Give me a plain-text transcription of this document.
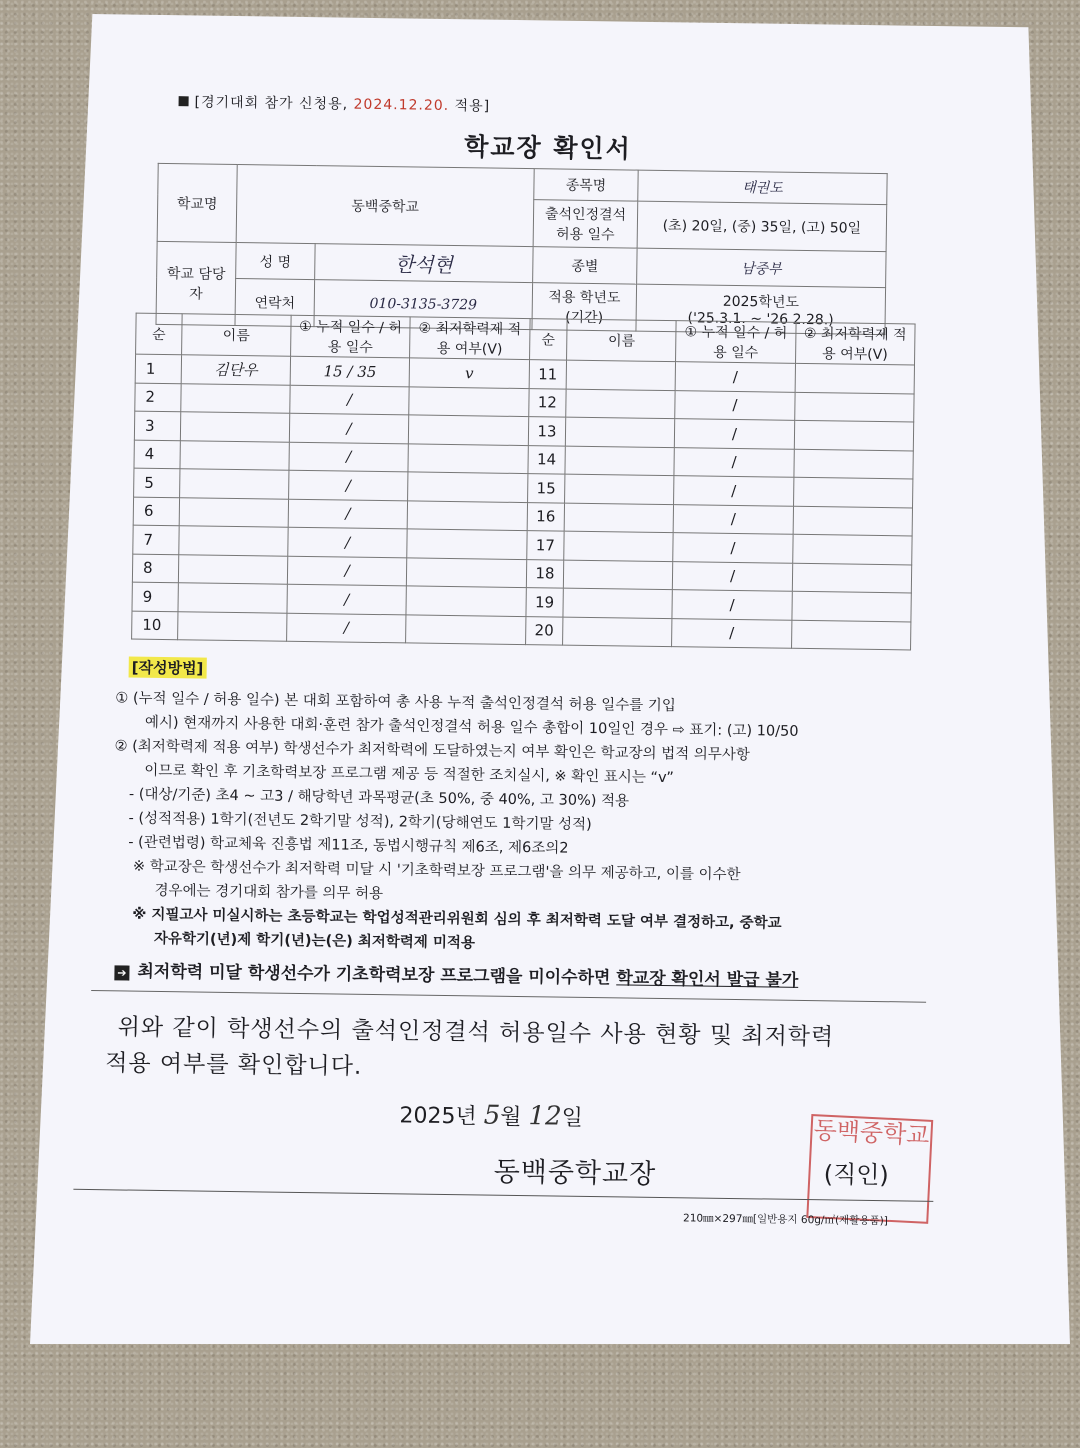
[경기대회 참가 신청용, 2024.12.20. 적용]
학교장 확인서
학교명	동백중학교		종목명	태권도
			출석인정결석 허용 일수	(초) 20일, (중) 35일, (고) 50일
학교 담당자	성 명	한석현	종별	남중부
	연락처	010-3135-3729	적용 학년도 (기간)	2025학년도
('25.3.1. ~ '26 2.28.)
순	이름	① 누적 일수 / 허용 일수	② 최저학력제 적용 여부(V)	순	이름	① 누적 일수 / 허용 일수	② 최저학력제 적용 여부(V)
1	김단우	15 / 35	v	11		/	
2		/		12		/	
3		/		13		/	
4		/		14		/	
5		/		15		/	
6		/		16		/	
7		/		17		/	
8		/		18		/	
9		/		19		/	
10		/		20		/	
[작성방법]

① (누적 일수 / 허용 일수) 본 대회 포함하여 총 사용 누적 출석인정결석 허용 일수를 기입

예시) 현재까지 사용한 대회·훈련 참가 출석인정결석 허용 일수 총합이 10일인 경우 ⇨ 표기: (고) 10/50

② (최저학력제 적용 여부) 학생선수가 최저학력에 도달하였는지 여부 확인은 학교장의 법적 의무사항

이므로 확인 후 기초학력보장 프로그램 제공 등 적절한 조치실시, ※ 확인 표시는 “v”

- (대상/기준) 초4 ~ 고3 / 해당학년 과목평균(초 50%, 중 40%, 고 30%) 적용

- (성적적용) 1학기(전년도 2학기말 성적), 2학기(당해연도 1학기말 성적)

- (관련법령) 학교체육 진흥법 제11조, 동법시행규칙 제6조, 제6조의2

※ 학교장은 학생선수가 최저학력 미달 시 '기초학력보장 프로그램'을 의무 제공하고, 이를 이수한

경우에는 경기대회 참가를 의무 허용

※ 지필고사 미실시하는 초등학교는 학업성적관리위원회 심의 후 최저학력 도달 여부 결정하고, 중학교

자유학기(년)제 학기(년)는(은) 최저학력제 미적용

➔ 최저학력 미달 학생선수가 기초학력보장 프로그램을 미이수하면 학교장 확인서 발급 불가
위와 같이 학생선수의 출석인정결석 허용일수 사용 현황 및 최저학력
적용 여부를 확인합니다.
2025년 5월 12일	동백중학교
동백중학교장	(직인)
210㎜×297㎜[일반용지 60g/㎡(재활용품)]
